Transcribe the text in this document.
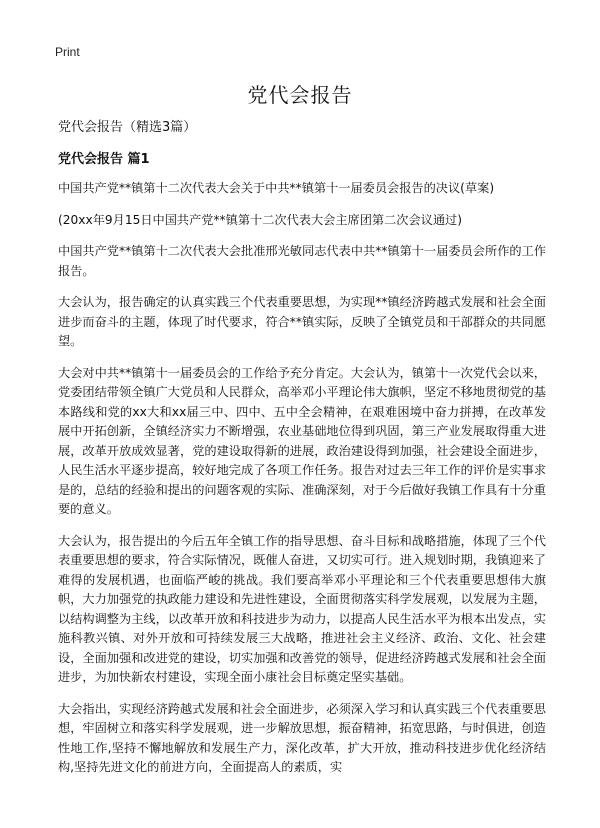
Print
党代会报告

党代会报告（精选3篇）

党代会报告 篇1

中国共产党**镇第十二次代表大会关于中共**镇第十一届委员会报告的决议(草案)

(20xx年9月15日中国共产党**镇第十二次代表大会主席团第二次会议通过)

中国共产党**镇第十二次代表大会批准邢光敏同志代表中共**镇第十一届委员会所作的工作报告。

大会认为，报告确定的认真实践三个代表重要思想，为实现**镇经济跨越式发展和社会全面进步而奋斗的主题，体现了时代要求，符合**镇实际，反映了全镇党员和干部群众的共同愿望。

大会对中共**镇第十一届委员会的工作给予充分肯定。大会认为，镇第十一次党代会以来，党委团结带领全镇广大党员和人民群众，高举邓小平理论伟大旗帜，坚定不移地贯彻党的基本路线和党的xx大和xx届三中、四中、五中全会精神，在艰难困境中奋力拼搏，在改革发展中开拓创新，全镇经济实力不断增强，农业基础地位得到巩固，第三产业发展取得重大进展，改革开放成效显著，党的建设取得新的进展，政治建设得到加强，社会建设全面进步，人民生活水平逐步提高，较好地完成了各项工作任务。报告对过去三年工作的评价是实事求是的，总结的经验和提出的问题客观的实际、准确深刻，对于今后做好我镇工作具有十分重要的意义。

大会认为，报告提出的今后五年全镇工作的指导思想、奋斗目标和战略措施，体现了三个代表重要思想的要求，符合实际情况，既催人奋进，又切实可行。进入规划时期，我镇迎来了难得的发展机遇，也面临严峻的挑战。我们要高举邓小平理论和三个代表重要思想伟大旗帜，大力加强党的执政能力建设和先进性建设，全面贯彻落实科学发展观，以发展为主题，以结构调整为主线，以改革开放和科技进步为动力，以提高人民生活水平为根本出发点，实施科教兴镇、对外开放和可持续发展三大战略，推进社会主义经济、政治、文化、社会建设，全面加强和改进党的建设，切实加强和改善党的领导，促进经济跨越式发展和社会全面进步，为加快新农村建设，实现全面小康社会目标奠定坚实基础。

大会指出，实现经济跨越式发展和社会全面进步，必须深入学习和认真实践三个代表重要思想，牢固树立和落实科学发展观，进一步解放思想，振奋精神，拓宽思路，与时俱进，创造性地工作,坚持不懈地解放和发展生产力，深化改革，扩大开放，推动科技进步优化经济结构,坚持先进文化的前进方向，全面提高人的素质，实
